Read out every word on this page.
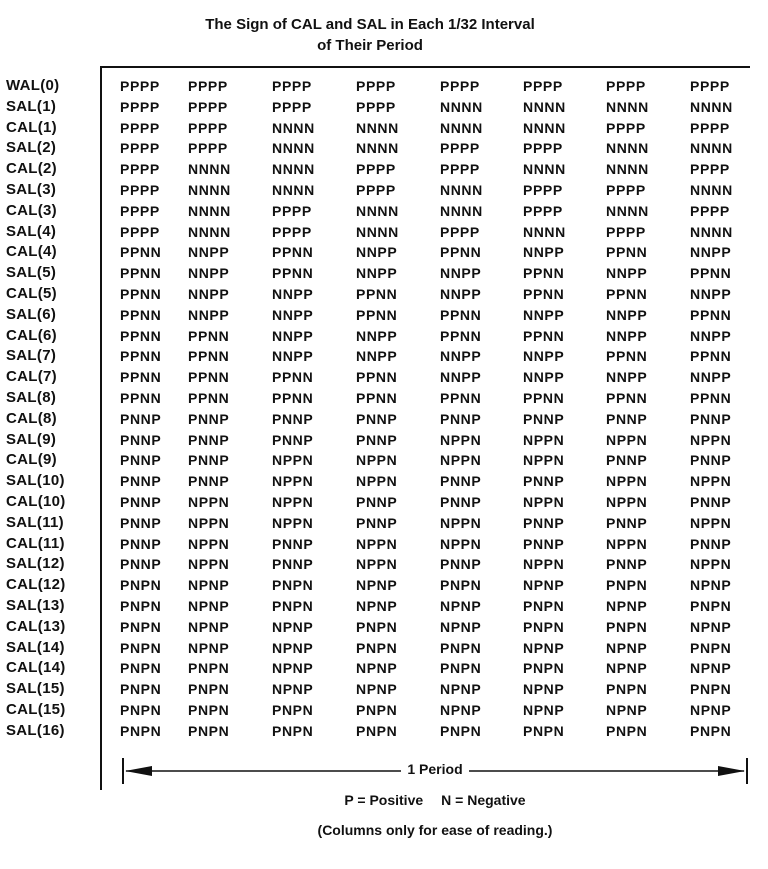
The Sign of CAL and SAL in Each 1/32 Interval
of Their Period
WAL(0)	PPPP PPPP	PPPP	PPPP	PPPP	PPPP	PPPP	PPPP
SAL(1)	PPPP PPPP	PPPP	PPPP	NNNN	NNNN	NNNN	NNNN
CAL(1)	PPPP PPPP	NNNN	NNNN	NNNN	NNNN	PPPP	PPPP
SAL(2)	PPPP PPPP	NNNN	NNNN	PPPP	PPPP	NNNN	NNNN
CAL(2)	PPPP NNNN	NNNN	PPPP	PPPP	NNNN	NNNN	PPPP
SAL(3)	PPPP NNNN	NNNN	PPPP	NNNN	PPPP	PPPP	NNNN
CAL(3)	PPPP NNNN	PPPP	NNNN	NNNN	PPPP	NNNN	PPPP
SAL(4)	PPPP NNNN	PPPP	NNNN	PPPP	NNNN	PPPP	NNNN
CAL(4)	PPNN NNPP	PPNN	NNPP	PPNN	NNPP	PPNN	NNPP
SAL(5)	PPNN NNPP	PPNN	NNPP	NNPP	PPNN	NNPP	PPNN
CAL(5)	PPNN NNPP	NNPP	PPNN	NNPP	PPNN	PPNN	NNPP
SAL(6)	PPNN NNPP	NNPP	PPNN	PPNN	NNPP	NNPP	PPNN
CAL(6)	PPNN PPNN	NNPP	NNPP	PPNN	PPNN	NNPP	NNPP
SAL(7)	PPNN PPNN	NNPP	NNPP	NNPP	NNPP	PPNN	PPNN
CAL(7)	PPNN PPNN	PPNN	PPNN	NNPP	NNPP	NNPP	NNPP
SAL(8)	PPNN PPNN	PPNN	PPNN	PPNN	PPNN	PPNN	PPNN
CAL(8)	PNNP PNNP	PNNP	PNNP	PNNP	PNNP	PNNP	PNNP
SAL(9)	PNNP PNNP	PNNP	PNNP	NPPN	NPPN	NPPN	NPPN
CAL(9)	PNNP PNNP	NPPN	NPPN	NPPN	NPPN	PNNP	PNNP
SAL(10)	PNNP PNNP	NPPN	NPPN	PNNP	PNNP	NPPN	NPPN
CAL(10)	PNNP NPPN	NPPN	PNNP	PNNP	NPPN	NPPN	PNNP
SAL(11)	PNNP NPPN	NPPN	PNNP	NPPN	PNNP	PNNP	NPPN
CAL(11)	PNNP NPPN	PNNP	NPPN	NPPN	PNNP	NPPN	PNNP
SAL(12)	PNNP NPPN	PNNP	NPPN	PNNP	NPPN	PNNP	NPPN
CAL(12)	PNPN NPNP	PNPN	NPNP	PNPN	NPNP	PNPN	NPNP
SAL(13)	PNPN NPNP	PNPN	NPNP	NPNP	PNPN	NPNP	PNPN
CAL(13)	PNPN NPNP	NPNP	PNPN	NPNP	PNPN	PNPN	NPNP
SAL(14)	PNPN NPNP	NPNP	PNPN	PNPN	NPNP	NPNP	PNPN
CAL(14)	PNPN PNPN	NPNP	NPNP	PNPN	PNPN	NPNP	NPNP
SAL(15)	PNPN PNPN	NPNP	NPNP	NPNP	NPNP	PNPN	PNPN
CAL(15)	PNPN PNPN	PNPN	PNPN	NPNP	NPNP	NPNP	NPNP
SAL(16)	PNPN PNPN	PNPN	PNPN	PNPN	PNPN	PNPN	PNPN
1 Period
P = Positive N = Negative
(Columns only for ease of reading.)
